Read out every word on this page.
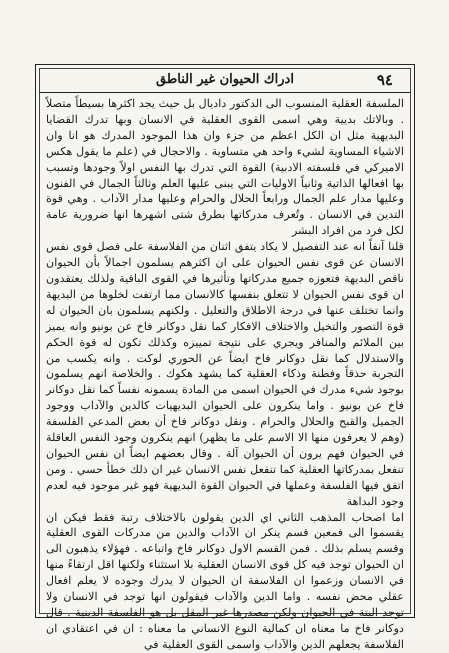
٩٤
ادراك الحيوان غير الناطق

الملسفة العقلية المنسوب الى الدكتور داديال بل حيث يجد اكثرها بسيطاً متصلاً . وبالاتك بديية وهي اسمى القوى العقلية في الانسان وبها تدرك القضايا البديهية مثل ان الكل اعظم من جزء وان هذا الموجود المدرك هو انا وان الاشياء المساوية لشيء واحد هي متساوية . والاحجال في (علم ما يقول هكس الاميركي في فلسفته الادبية) القوة التي تدرك بها النفس اولاً وجودها وتسبب بها افعالها الذاتية وثانياً الاوليات التي يبنى عليها العلم وثالثاً الجمال في الفنون وعليها مدار علم الجمال ورابعاً الحلال والحرام وعليها مدار الآداب . وهي قوة التدين في الانسان . وتُعرف مدركاتها بطرق شتى اشهرها انها ضرورية عامة لكل فرد من افراد البشر

قلنا آنفاً انه عند التفصيل لا يكاد يتفق اثنان من الفلاسفة على فصل قوى نفس الانسان عن قوى نفس الحيوان على ان اكثرهم يسلمون اجمالاً بأن الحيوان ناقص البديهة فتعوزه جميع مدركاتها وتأثيرها في القوى الباقية ولذلك يعتقدون ان قوى نفس الحيوان لا تتعلق بنفسها كالانسان مما ارتفت لخلوها من البديهة وانما تختلف عنها في درجة الاطلاق والتعليل . ولكنهم يسلمون بان الحيوان له قوة التصور والتخيل والاختلاف الافكار كما نقل دوكانر فاخ عن بونيو وانه يميز بين الملائم والمنافر ويجري على نتيجة تمييزه وكذلك تكون له قوة الحكم والاستدلال كما نقل دوكانر فاخ ايضاً عن الحوري لوكت . وانه يكسب من التجربة حذقاً وفطنة وذكاء العقلية كما يشهد هكوك . والخلاصة انهم يسلمون بوجود شيء مدرك في الحيوان اسمى من المادة يسمونه نفساً كما نقل دوكانر فاخ عن بونيو . واما ينكرون على الحيوان البديهيات كالدين والآداب ووجود الجميل والقبح والحلال والحرام . ونقل دوكانر فاخ أن بعض المدعي الفلسفة (وهم لا يعرفون منها الا الاسم على ما يظهر) انهم ينكرون وجود النفس العاقلة في الحيوان فهم يرون أن الحيوان آلة . وقال بعضهم ايضاً ان نفس الحيوان تنفعل بمدركاتها العقلية كما تنفعل نفس الانسان غير ان ذلك خطأ حسي . ومن اتفق فيها الفلسفة وعملها في الحيوان القوة البديهية فهو غير موجود فيه لعدم وجود البداهة

اما اصحاب المذهب الثاني اي الدين يقولون بالاختلاف رتبة فقط فيكن ان يقسموا الى فمعين قسم ينكر ان الآداب والدين من مدركات القوى العقلية وقسم يسلم بذلك . فمن القسم الاول دوكانر فاخ واتباعه . فهؤلاء يذهبون الى ان الحيوان توجد فيه كل قوى الانسان العقلية بلا استثناء ولكنها اقل ارتقاءً منها في الانسان وزعموا ان الفلاسفة ان الحيوان لا يدرك وجوده لا يعلم افعال عقلي محض نفسه . واما الدين والآداب فيقولون انها توجد في الانسان ولا توجد البتة في الحيوان ولكن مصدرها غير المقل بل هو الفلسفة الدينية . قال دوكانر فاخ ما معناه ان كمالية النوع الانساني ما معناه : ان في اعتقادي ان الفلاسفة يجعلهم الدين والآداب واسمى القوى العقلية في
